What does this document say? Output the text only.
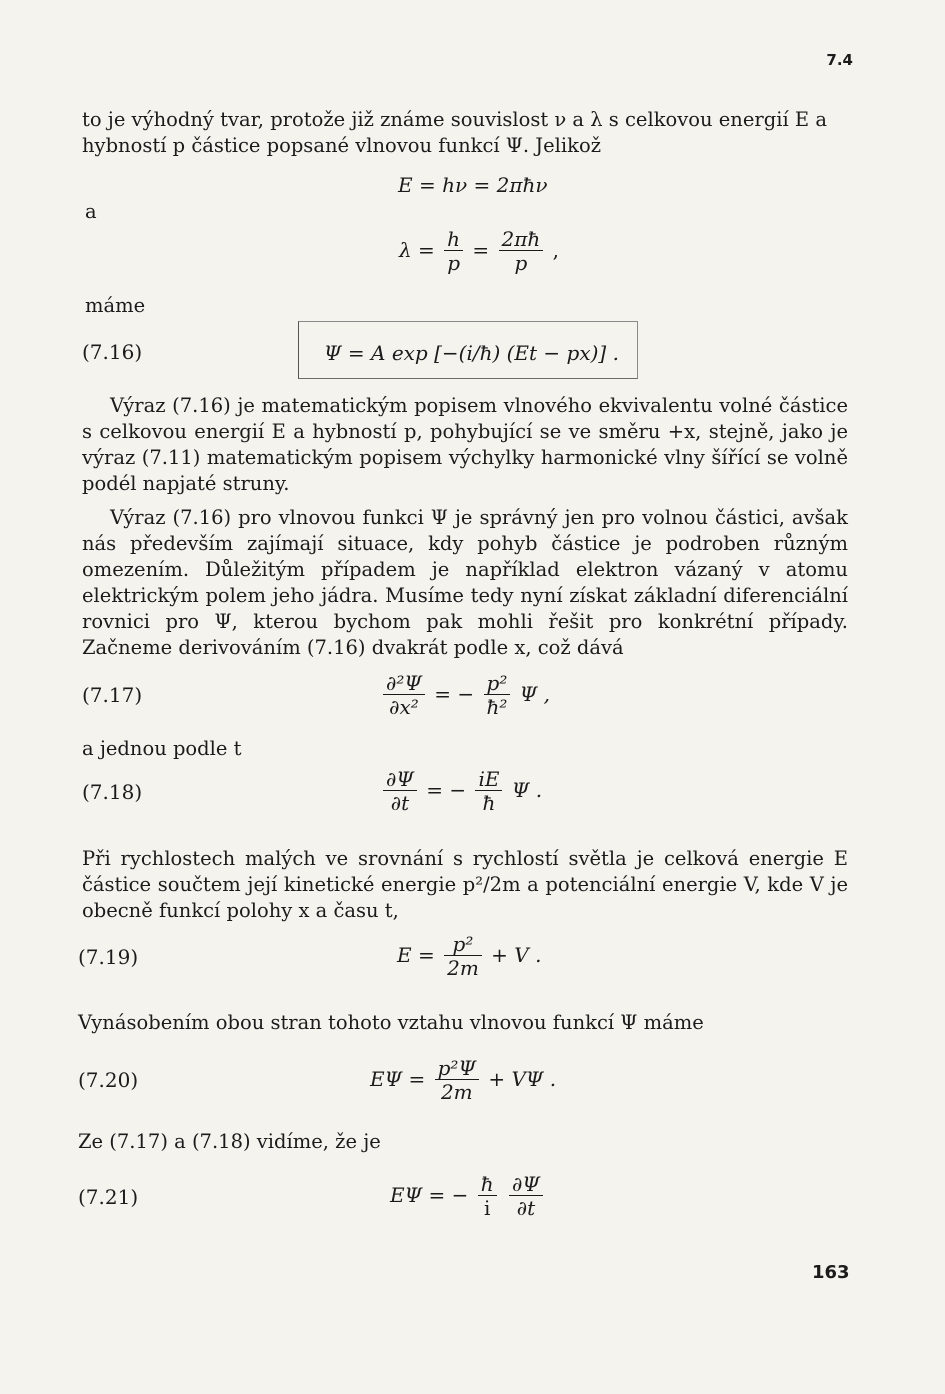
7.4
163
to je výhodný tvar, protože již známe souvislost ν a λ s celkovou energií E a hybností p částice popsané vlnovou funkcí Ψ. Jelikož
E = hν = 2πħν
a
$\lambda = \frac{h}{p} = \frac{2\pi ħ}{p}$ ,
máme
(7.16)	Ψ = A exp [−(i/ħ) (Et − px)] .
Výraz (7.16) je matematickým popisem vlnového ekvivalentu volné částice s celkovou energií E a hybností p, pohybující se ve směru +x, stejně, jako je výraz (7.11) matematickým popisem výchylky harmonické vlny šířící se volně podél napjaté struny.
Výraz (7.16) pro vlnovou funkci Ψ je správný jen pro volnou částici, avšak nás především zajímají situace, kdy pohyb částice je podroben různým omezením. Důležitým případem je například elektron vázaný v atomu elektrickým polem jeho jádra. Musíme tedy nyní získat základní diferenciální rovnici pro Ψ, kterou bychom pak mohli řešit pro konkrétní případy. Začneme derivováním (7.16) dvakrát podle x, což dává
(7.17)	$\frac{\text{∂²Ψ}}{\text{∂x²}}$ = − $\frac{\text{p²}}{\text{ħ²}}$ Ψ ,
a jednou podle t
(7.18)	$\frac{\partial\Psi}{\partial t}$ = − $\frac{iE}{ħ}$ Ψ .
Při rychlostech malých ve srovnání s rychlostí světla je celková energie E částice součtem její kinetické energie p²/2m a potenciální energie V, kde V je obecně funkcí polohy x a času t,
(7.19)	$E = \frac{\text{p²}}{2m} + V$ .
Vynásobením obou stran tohoto vztahu vlnovou funkcí Ψ máme
(7.20)	$E\Psi = \frac{\text{p²Ψ}}{2m} + V\Psi$ .
Ze (7.17) a (7.18) vidíme, že je
(7.21)	EΨ = − $\frac{ħ}{i}$
$\frac{\partial\Psi}{\partial t}$
